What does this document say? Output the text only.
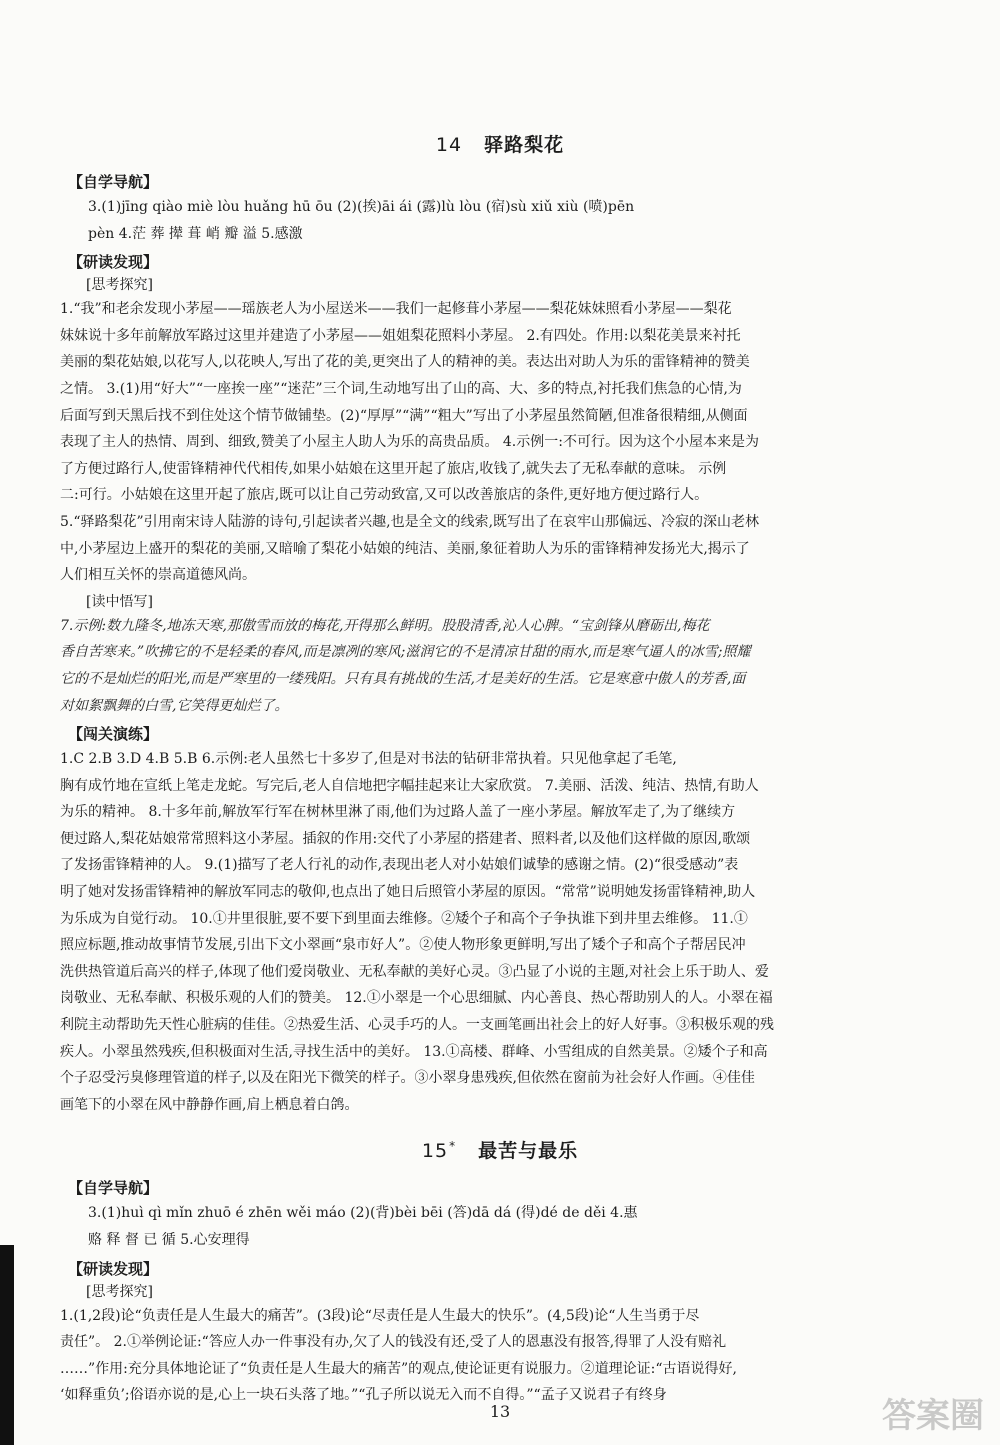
14 驿路梨花
【自学导航】

3.(1)jīng qiào miè lòu huǎng hū ōu (2)(挨)āi ái (露)lù lòu (宿)sù xiǔ xiù (喷)pēn

pèn 4.茫 葬 撵 葺 峭 瓣 溢 5.感激

【研读发现】
[思考探究]

1.“我”和老余发现小茅屋——瑶族老人为小屋送米——我们一起修葺小茅屋——梨花妹妹照看小茅屋——梨花

妹妹说十多年前解放军路过这里并建造了小茅屋——姐姐梨花照料小茅屋。 2.有四处。作用:以梨花美景来衬托

美丽的梨花姑娘,以花写人,以花映人,写出了花的美,更突出了人的精神的美。表达出对助人为乐的雷锋精神的赞美

之情。 3.(1)用“好大”“一座挨一座”“迷茫”三个词,生动地写出了山的高、大、多的特点,衬托我们焦急的心情,为

后面写到天黑后找不到住处这个情节做铺垫。(2)“厚厚”“满”“粗大”写出了小茅屋虽然简陋,但准备很精细,从侧面

表现了主人的热情、周到、细致,赞美了小屋主人助人为乐的高贵品质。 4.示例一:不可行。因为这个小屋本来是为

了方便过路行人,使雷锋精神代代相传,如果小姑娘在这里开起了旅店,收钱了,就失去了无私奉献的意味。 示例

二:可行。小姑娘在这里开起了旅店,既可以让自己劳动致富,又可以改善旅店的条件,更好地方便过路行人。

5.“驿路梨花”引用南宋诗人陆游的诗句,引起读者兴趣,也是全文的线索,既写出了在哀牢山那偏远、冷寂的深山老林

中,小茅屋边上盛开的梨花的美丽,又暗喻了梨花小姑娘的纯洁、美丽,象征着助人为乐的雷锋精神发扬光大,揭示了

人们相互关怀的崇高道德风尚。

[读中悟写]

7.示例:数九隆冬,地冻天寒,那傲雪而放的梅花,开得那么鲜明。股股清香,沁人心脾。“宝剑锋从磨砺出,梅花

香自苦寒来。”吹拂它的不是轻柔的春风,而是凛冽的寒风;滋润它的不是清凉甘甜的雨水,而是寒气逼人的冰雪;照耀

它的不是灿烂的阳光,而是严寒里的一缕残阳。只有具有挑战的生活,才是美好的生活。它是寒意中傲人的芳香,面

对如絮飘舞的白雪,它笑得更灿烂了。

【闯关演练】

1.C 2.B 3.D 4.B 5.B 6.示例:老人虽然七十多岁了,但是对书法的钻研非常执着。只见他拿起了毛笔,

胸有成竹地在宣纸上笔走龙蛇。写完后,老人自信地把字幅挂起来让大家欣赏。 7.美丽、活泼、纯洁、热情,有助人

为乐的精神。 8.十多年前,解放军行军在树林里淋了雨,他们为过路人盖了一座小茅屋。解放军走了,为了继续方

便过路人,梨花姑娘常常照料这小茅屋。插叙的作用:交代了小茅屋的搭建者、照料者,以及他们这样做的原因,歌颂

了发扬雷锋精神的人。 9.(1)描写了老人行礼的动作,表现出老人对小姑娘们诚挚的感谢之情。(2)“很受感动”表

明了她对发扬雷锋精神的解放军同志的敬仰,也点出了她日后照管小茅屋的原因。“常常”说明她发扬雷锋精神,助人

为乐成为自觉行动。 10.①井里很脏,要不要下到里面去维修。②矮个子和高个子争执谁下到井里去维修。 11.①

照应标题,推动故事情节发展,引出下文小翠画“泉市好人”。②使人物形象更鲜明,写出了矮个子和高个子帮居民冲

洗供热管道后高兴的样子,体现了他们爱岗敬业、无私奉献的美好心灵。③凸显了小说的主题,对社会上乐于助人、爱

岗敬业、无私奉献、积极乐观的人们的赞美。 12.①小翠是一个心思细腻、内心善良、热心帮助别人的人。小翠在福

利院主动帮助先天性心脏病的佳佳。②热爱生活、心灵手巧的人。一支画笔画出社会上的好人好事。③积极乐观的残

疾人。小翠虽然残疾,但积极面对生活,寻找生活中的美好。 13.①高楼、群峰、小雪组成的自然美景。②矮个子和高

个子忍受污臭修理管道的样子,以及在阳光下微笑的样子。③小翠身患残疾,但依然在窗前为社会好人作画。④佳佳

画笔下的小翠在风中静静作画,肩上栖息着白鸽。

15* 最苦与最乐
【自学导航】

3.(1)huì qì mǐn zhuō é zhēn wěi máo (2)(背)bèi bēi (答)dā dá (得)dé de děi 4.惠

赂 释 督 已 循 5.心安理得

【研读发现】
[思考探究]

1.(1,2段)论“负责任是人生最大的痛苦”。(3段)论“尽责任是人生最大的快乐”。(4,5段)论“人生当勇于尽

责任”。 2.①举例论证:“答应人办一件事没有办,欠了人的钱没有还,受了人的恩惠没有报答,得罪了人没有赔礼

……”作用:充分具体地论证了“负责任是人生最大的痛苦”的观点,使论证更有说服力。②道理论证:“古语说得好,

‘如释重负’;俗语亦说的是,心上一块石头落了地。”“孔子所以说无入而不自得。”“孟子又说君子有终身

13	答案圈
